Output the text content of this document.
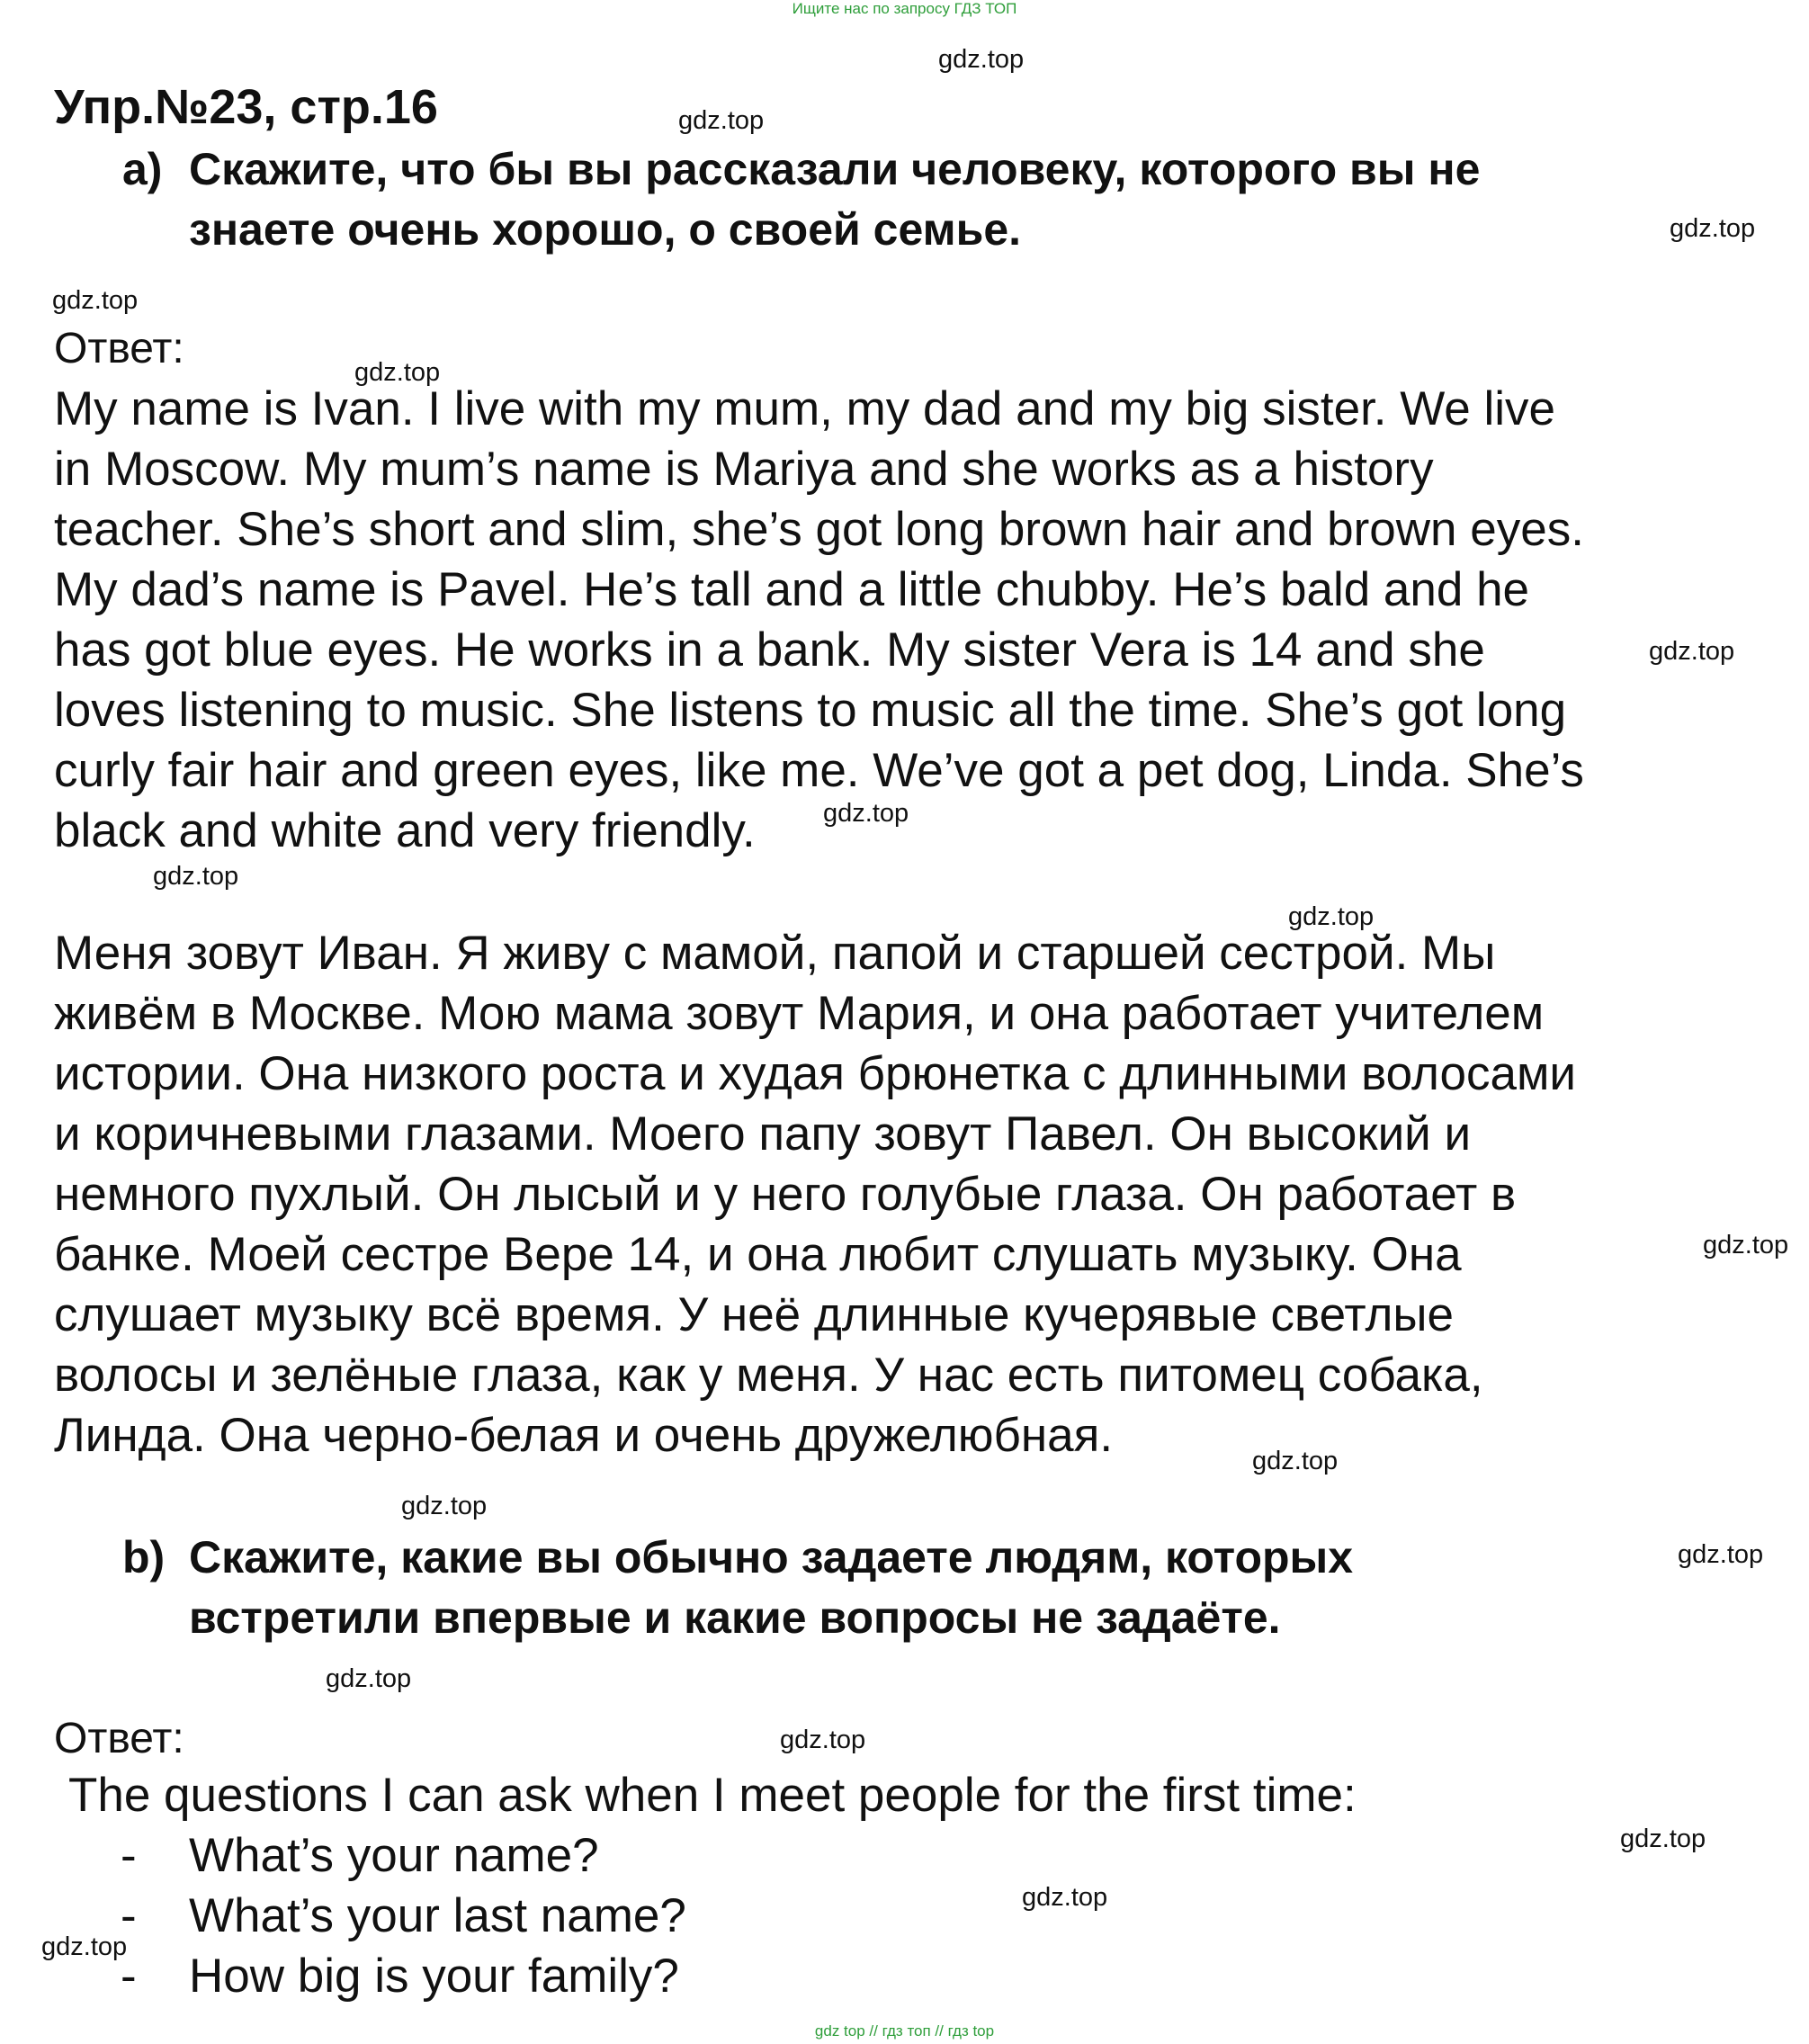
Ищите нас по запросу ГДЗ ТОП
gdz top // гдз топ // гдз top
Упр.№23, стр.16
a) Скажите, что бы вы рассказали человеку, которого вы не
знаете очень хорошо, о своей семье.
Ответ:
My name is Ivan. I live with my mum, my dad and my big sister. We live
in Moscow. My mum’s name is Mariya and she works as a history
teacher. She’s short and slim, she’s got long brown hair and brown eyes.
My dad’s name is Pavel. He’s tall and a little chubby. He’s bald and he
has got blue eyes. He works in a bank. My sister Vera is 14 and she
loves listening to music. She listens to music all the time. She’s got long
curly fair hair and green eyes, like me. We’ve got a pet dog, Linda. She’s
black and white and very friendly.
Меня зовут Иван. Я живу с мамой, папой и старшей сестрой. Мы
живём в Москве. Мою мама зовут Мария, и она работает учителем
истории. Она низкого роста и худая брюнетка с длинными волосами
и коричневыми глазами. Моего папу зовут Павел. Он высокий и
немного пухлый. Он лысый и у него голубые глаза. Он работает в
банке. Моей сестре Вере 14, и она любит слушать музыку. Она
слушает музыку всё время. У неё длинные кучерявые светлые
волосы и зелёные глаза, как у меня. У нас есть питомец собака,
Линда. Она черно-белая и очень дружелюбная.
b) Скажите, какие вы обычно задаете людям, которых
встретили впервые и какие вопросы не задаёте.
Ответ:
The questions I can ask when I meet people for the first time:
- What’s your name?
- What’s your last name?
- How big is your family?
gdz.top
gdz.top
gdz.top
gdz.top
gdz.top
gdz.top
gdz.top
gdz.top
gdz.top
gdz.top
gdz.top
gdz.top
gdz.top
gdz.top
gdz.top
gdz.top
gdz.top
gdz.top
